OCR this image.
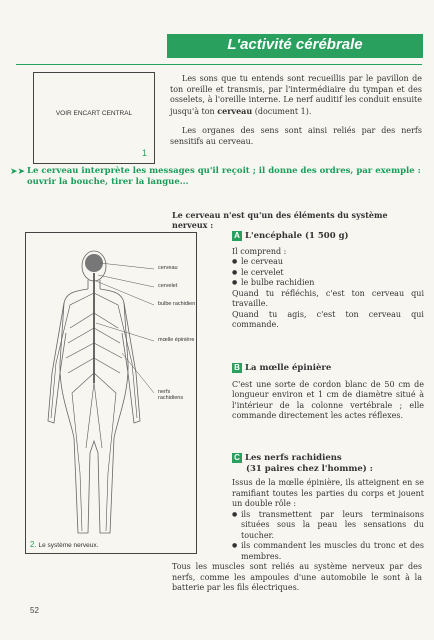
L'activité cérébrale
VOIR ENCART CENTRAL
1

Les sons que tu entends sont recueillis par le pavillon de ton oreille et transmis, par l'intermédiaire du tympan et des osselets, à l'oreille interne. Le nerf auditif les conduit ensuite jusqu'à ton cerveau (document 1).

Les organes des sens sont ainsi reliés par des nerfs sensitifs au cerveau.

➤➤ Le cerveau interprète les messages qu'il reçoit ; il donne des ordres, par exemple : ouvrir la bouche, tirer la langue...
Le cerveau n'est qu'un des éléments du système nerveux :
cerveau
cervelet
bulbe rachidien
mœlle épinière
nerfs rachidiens
2. Le système nerveux.
A L'encéphale (1 500 g)

Il comprend :

● le cerveau
● le cervelet
● le bulbe rachidien

Quand tu réfléchis, c'est ton cerveau qui travaille.

Quand tu agis, c'est ton cerveau qui commande.

B La mœlle épinière

C'est une sorte de cordon blanc de 50 cm de longueur environ et 1 cm de diamètre situé à l'intérieur de la colonne vertébrale ; elle commande directement les actes réflexes.

C Les nerfs rachidiens
(31 paires chez l'homme) :

Issus de la mœlle épinière, ils atteignent en se ramifiant toutes les parties du corps et jouent un double rôle :

● ils transmettent par leurs terminaisons situées sous la peau les sensations du toucher.
● ils commandent les muscles du tronc et des membres.
Tous les muscles sont reliés au système nerveux par des nerfs, comme les ampoules d'une automobile le sont à la batterie par les fils électriques.
52
